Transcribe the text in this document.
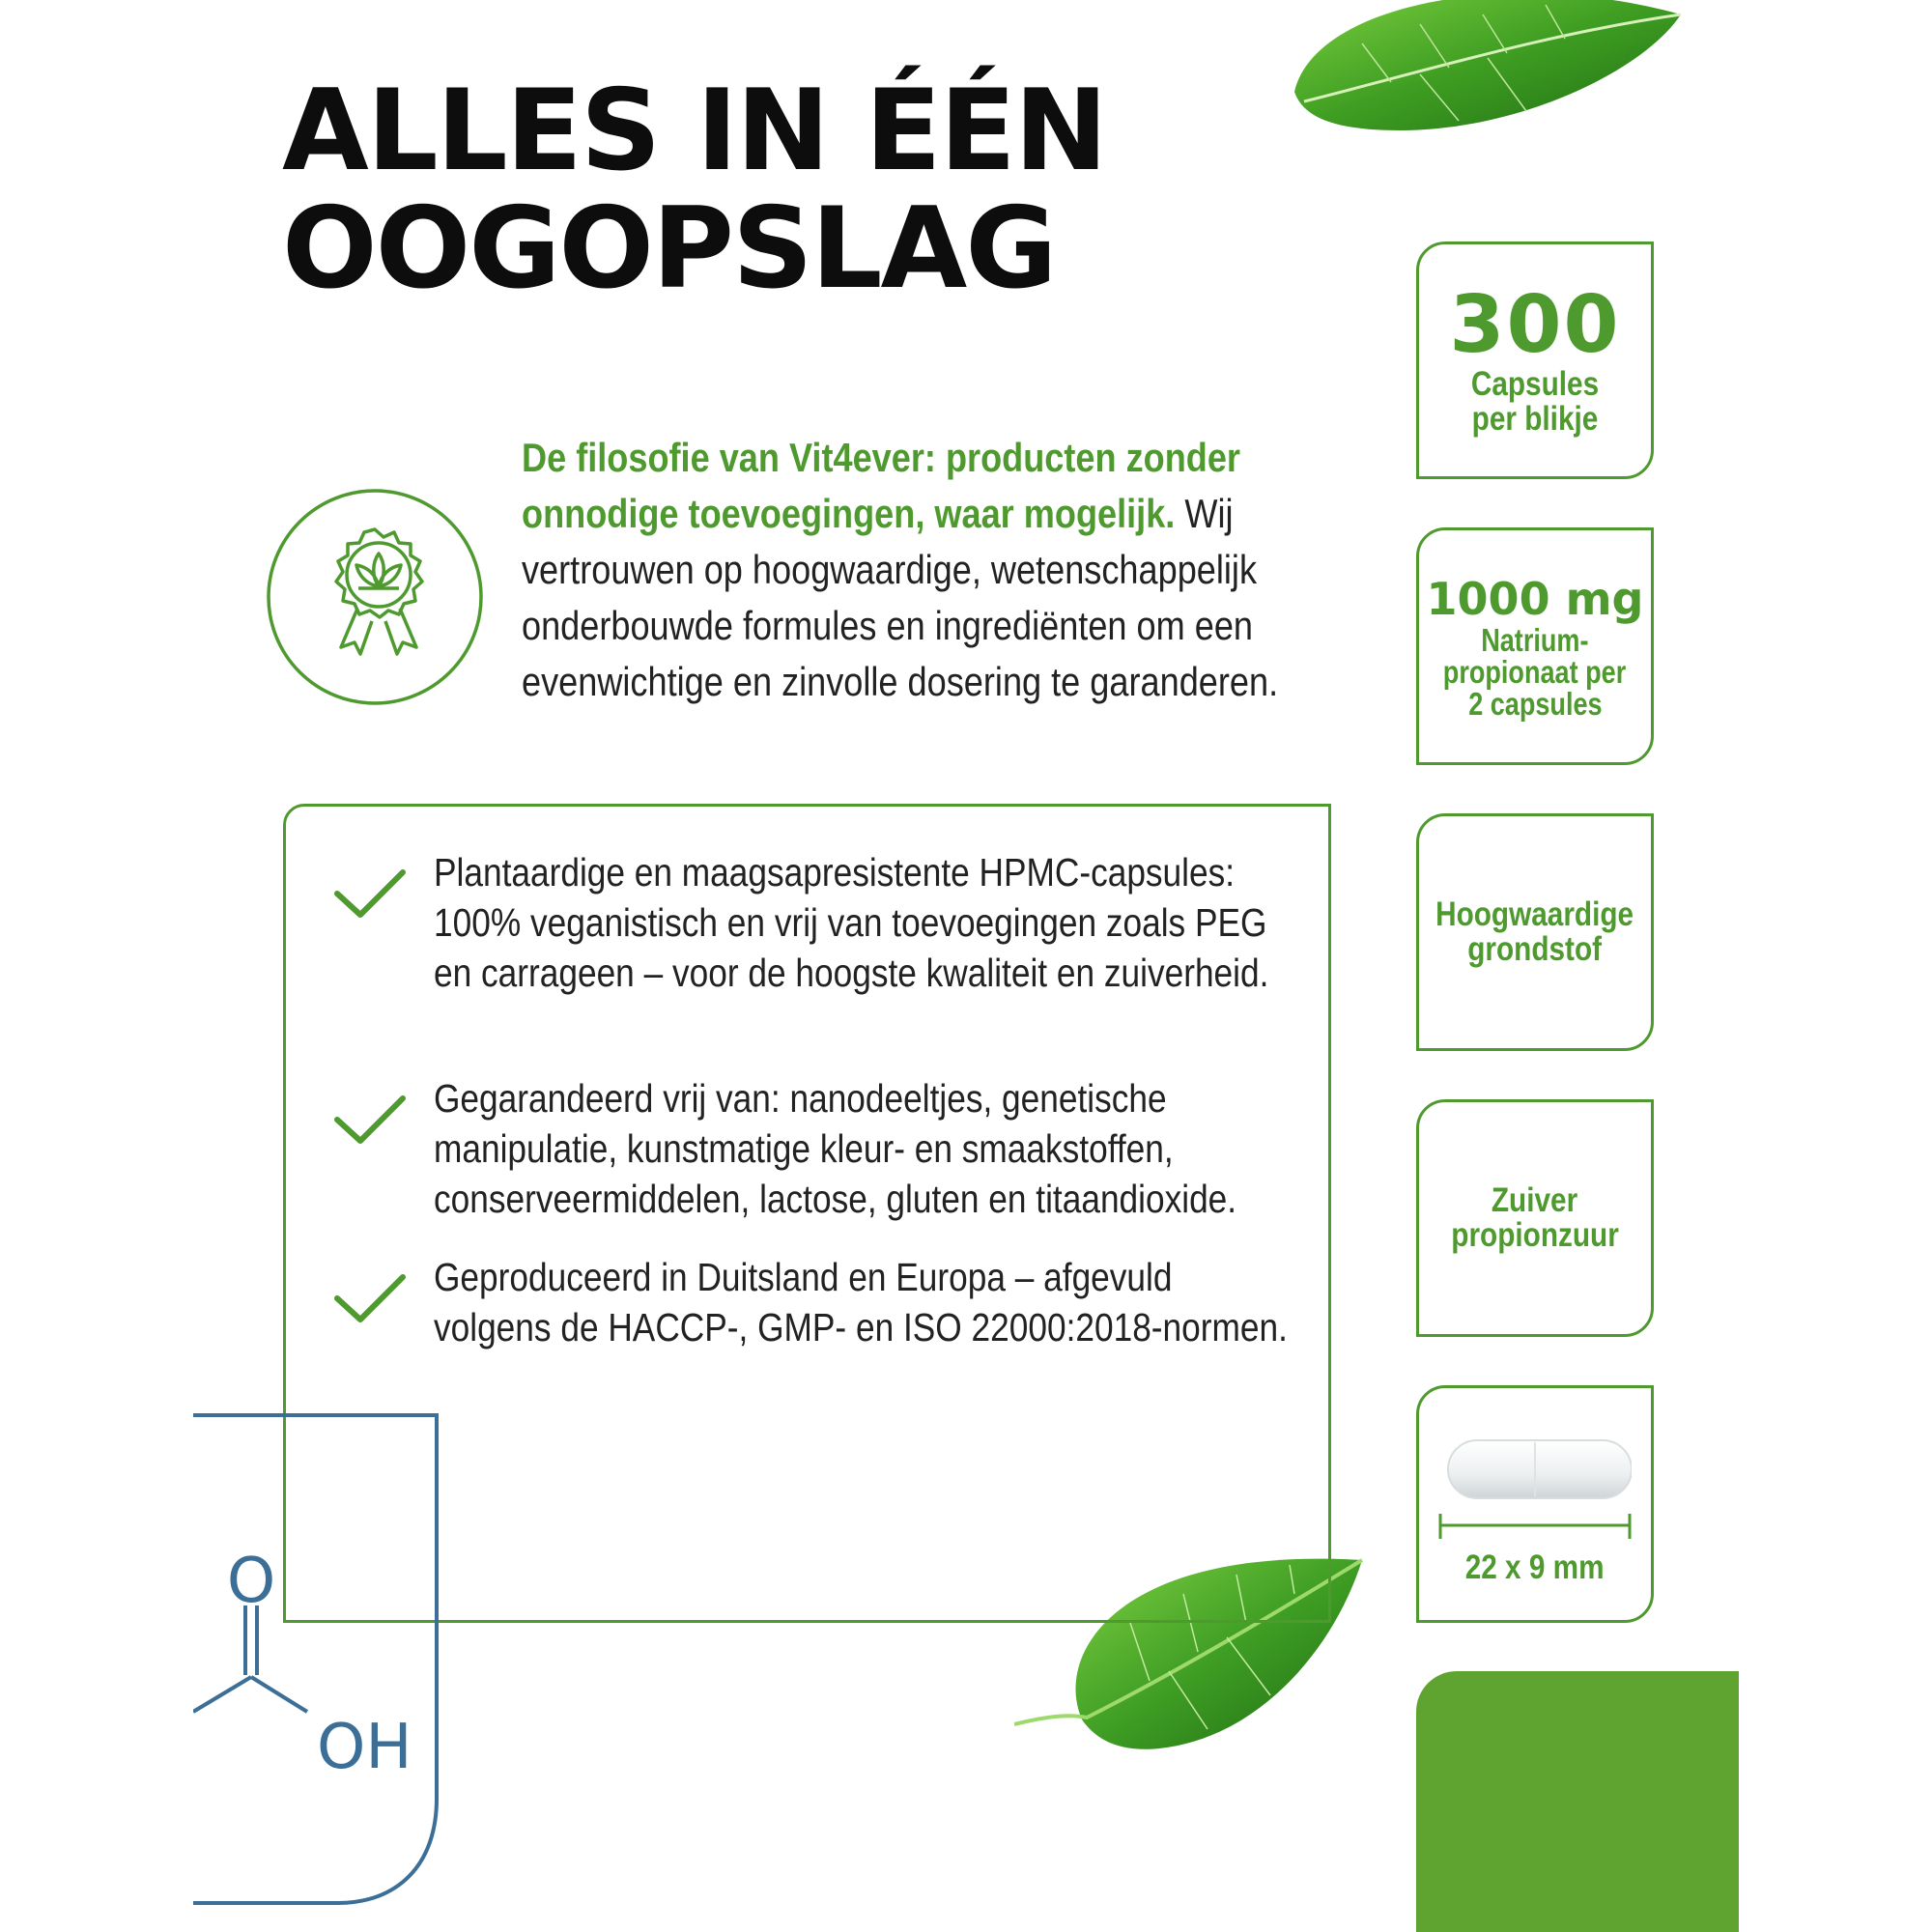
ALLES IN ÉÉN
OOGOPSLAG

De filosofie van Vit4ever: producten zonder onnodige toevoegingen, waar mogelijk. Wij vertrouwen op hoogwaardige, wetenschappelijk onderbouwde formules en ingrediënten om een evenwichtige en zinvolle dosering te garanderen.

Plantaardige en maagsapresistente HPMC-capsules: 100% veganistisch en vrij van toevoegingen zoals PEG en carrageen – voor de hoogste kwaliteit en zuiverheid.

Gegarandeerd vrij van: nanodeeltjes, genetische manipulatie, kunstmatige kleur- en smaakstoffen, conserveermiddelen, lactose, gluten en titaandioxide.

Geproduceerd in Duitsland en Europa – afgevuld volgens de HACCP-, GMP- en ISO 22000:2018-normen.

O
OH
300
Capsules per blikje
1000 mg
Natrium-
propionaat per
2 capsules
Hoogwaardige
grondstof
Zuiver
propionzuur
22 x 9 mm
